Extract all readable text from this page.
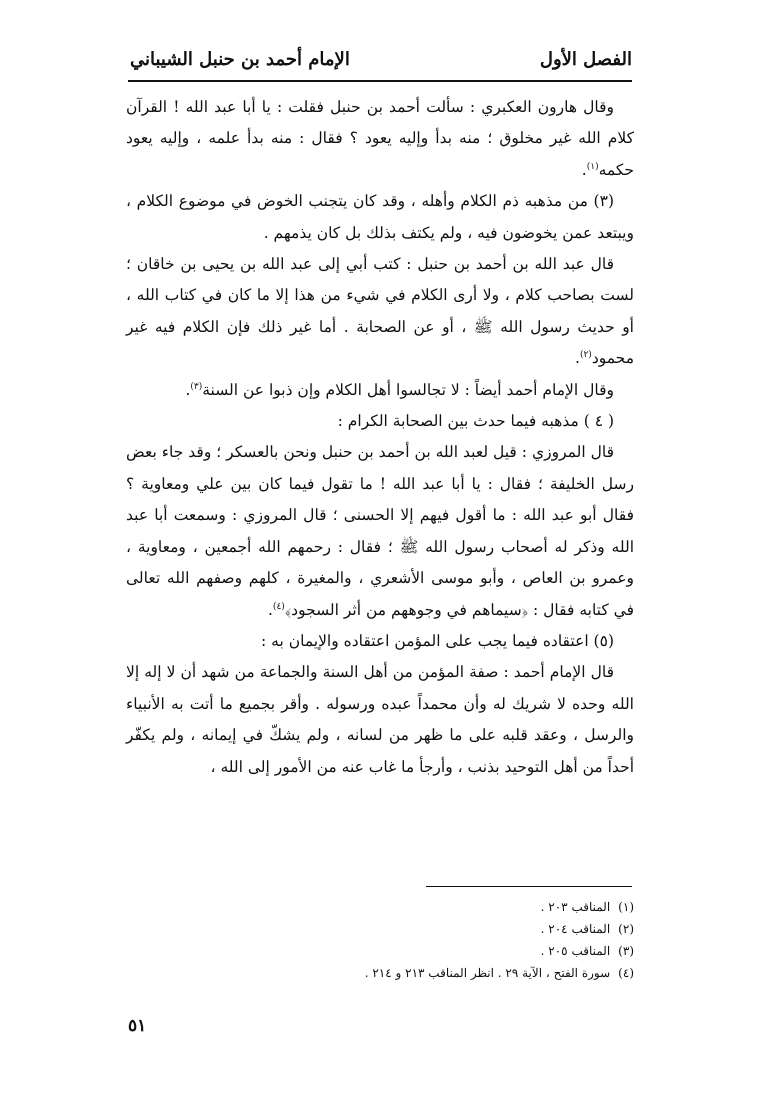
الفصل الأول
الإمام أحمد بن حنبل الشيباني

وقال هارون العكبري : سألت أحمد بن حنبل فقلت : يا أبا عبد الله ! القرآن كلام الله غير مخلوق ؛ منه بدأ وإليه يعود ؟ فقال : منه بدأ علمه ، وإليه يعود حكمه$^{(١)}$.

(٣) من مذهبه ذم الكلام وأهله ، وقد كان يتجنب الخوض في موضوع الكلام ، ويبتعد عمن يخوضون فيه ، ولم يكتف بذلك بل كان يذمهم .

قال عبد الله بن أحمد بن حنبل : كتب أبي إلى عبد الله بن يحيى بن خاقان ؛ لست بصاحب كلام ، ولا أرى الكلام في شيء من هذا إلا ما كان في كتاب الله ، أو حديث رسول الله ﷺ ، أو عن الصحابة . أما غير ذلك فإن الكلام فيه غير محمود$^{(٢)}$.

وقال الإمام أحمد أيضاً : لا تجالسوا أهل الكلام وإن ذبوا عن السنة$^{(٣)}$.

( ٤ ) مذهبه فيما حدث بين الصحابة الكرام :

قال المروزي : قيل لعبد الله بن أحمد بن حنبل ونحن بالعسكر ؛ وقد جاء بعض رسل الخليفة ؛ فقال : يا أبا عبد الله ! ما تقول فيما كان بين علي ومعاوية ؟ فقال أبو عبد الله : ما أقول فيهم إلا الحسنى ؛ قال المروزي : وسمعت أبا عبد الله وذكر له أصحاب رسول الله ﷺ ؛ فقال : رحمهم الله أجمعين ، ومعاوية ، وعمرو بن العاص ، وأبو موسى الأشعري ، والمغيرة ، كلهم وصفهم الله تعالى في كتابه فقال : ﴿سيماهم في وجوههم من أثر السجود﴾$^{(٤)}$.

(٥) اعتقاده فيما يجب على المؤمن اعتقاده والإيمان به :

قال الإمام أحمد : صفة المؤمن من أهل السنة والجماعة من شهد أن لا إله إلا الله وحده لا شريك له وأن محمداً عبده ورسوله . وأقر بجميع ما أتت به الأنبياء والرسل ، وعقد قلبه على ما ظهر من لسانه ، ولم يشكّ في إيمانه ، ولم يكفّر أحداً من أهل التوحيد بذنب ، وأرجأ ما غاب عنه من الأمور إلى الله ،

(١)
المناقب ٢٠٣ .
(٢)
المناقب ٢٠٤ .
(٣)
المناقب ٢٠٥ .
(٤)
سورة الفتح ، الآية ٢٩ . انظر المناقب ٢١٣ و ٢١٤ .
٥١
